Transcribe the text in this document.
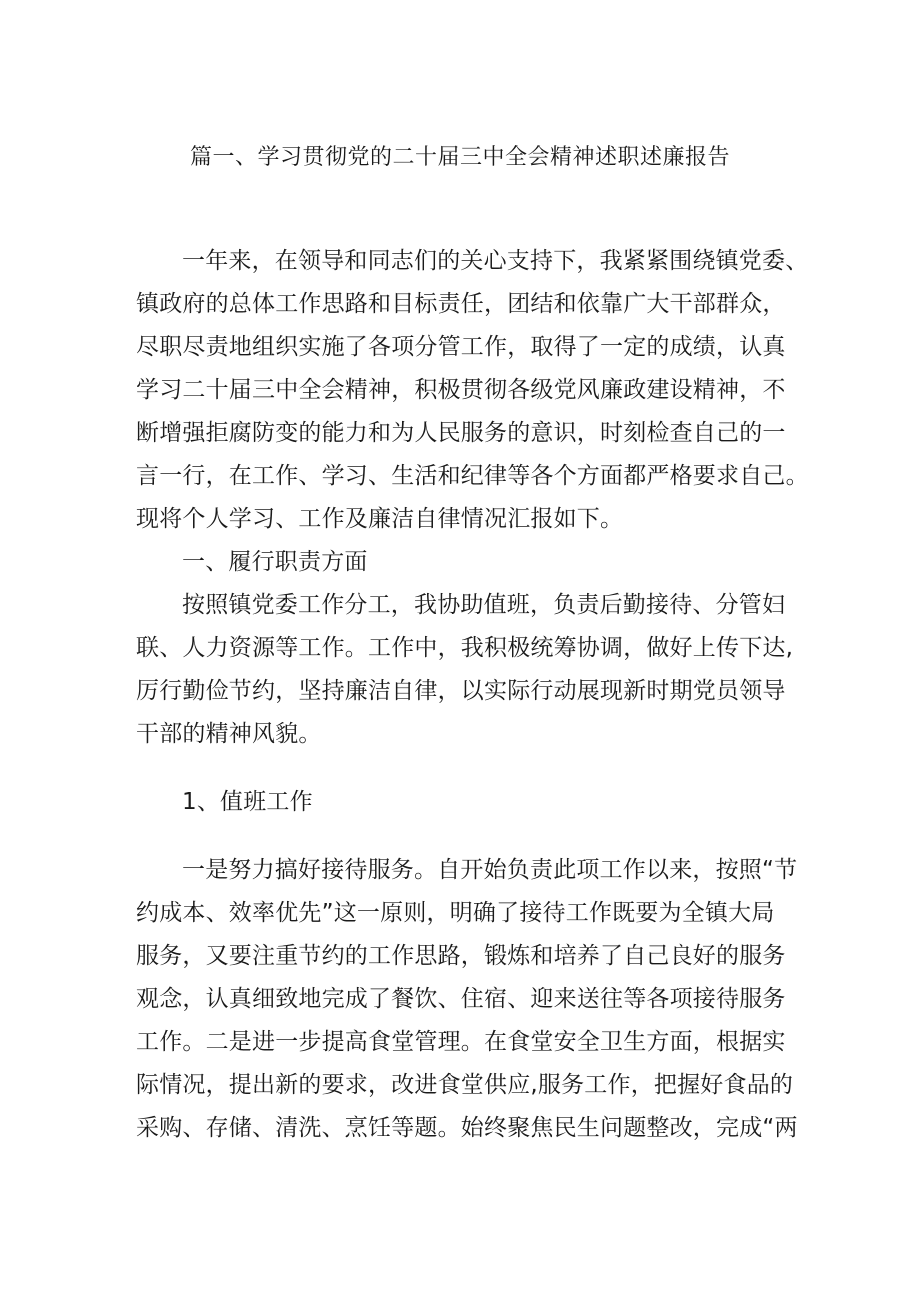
篇一、学习贯彻党的二十届三中全会精神述职述廉报告
一年来，在领导和同志们的关心支持下，我紧紧围绕镇党委、
镇政府的总体工作思路和目标责任，团结和依靠广大干部群众，
尽职尽责地组织实施了各项分管工作，取得了一定的成绩，认真
学习二十届三中全会精神，积极贯彻各级党风廉政建设精神，不
断增强拒腐防变的能力和为人民服务的意识，时刻检查自己的一
言一行，在工作、学习、生活和纪律等各个方面都严格要求自己。
现将个人学习、工作及廉洁自律情况汇报如下。
一、履行职责方面
按照镇党委工作分工，我协助值班，负责后勤接待、分管妇
联、人力资源等工作。工作中，我积极统筹协调，做好上传下达,
厉行勤俭节约，坚持廉洁自律，以实际行动展现新时期党员领导
干部的精神风貌。
1、值班工作
一是努力搞好接待服务。自开始负责此项工作以来，按照“节
约成本、效率优先”这一原则，明确了接待工作既要为全镇大局
服务，又要注重节约的工作思路，锻炼和培养了自己良好的服务
观念，认真细致地完成了餐饮、住宿、迎来送往等各项接待服务
工作。二是进一步提高食堂管理。在食堂安全卫生方面，根据实
际情况，提出新的要求，改进食堂供应,服务工作，把握好食品的
采购、存储、清洗、烹饪等题。始终聚焦民生问题整改，完成“两
